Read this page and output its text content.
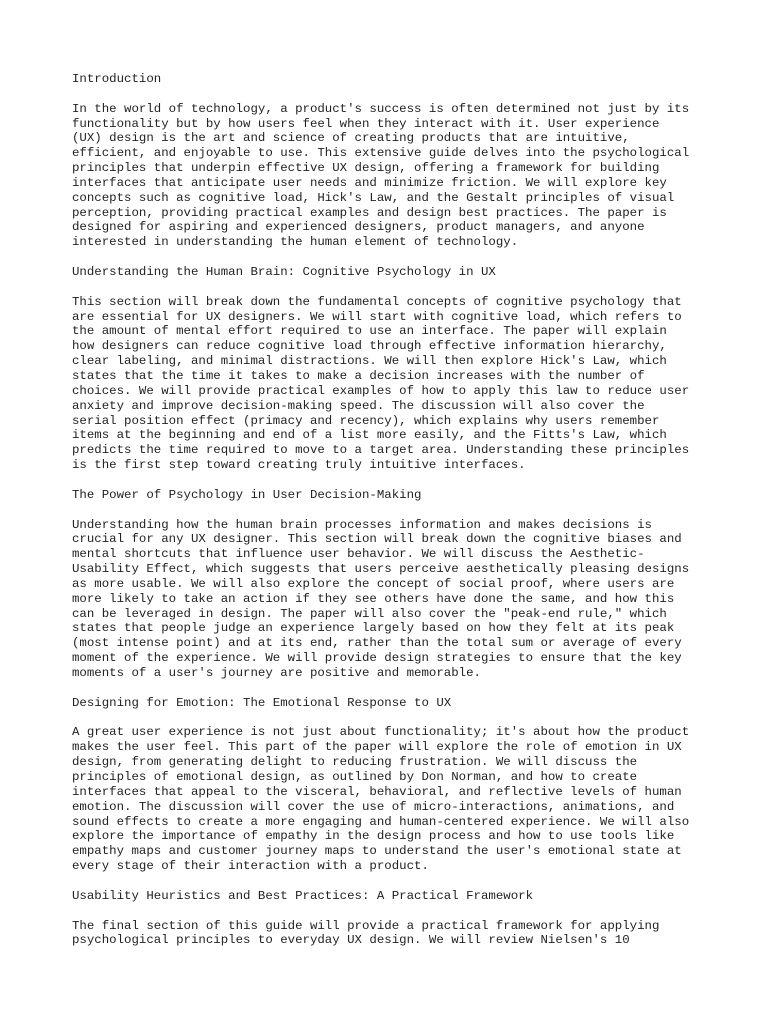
Introduction
In the world of technology, a product's success is often determined not just by its
functionality but by how users feel when they interact with it. User experience
(UX) design is the art and science of creating products that are intuitive,
efficient, and enjoyable to use. This extensive guide delves into the psychological
principles that underpin effective UX design, offering a framework for building
interfaces that anticipate user needs and minimize friction. We will explore key
concepts such as cognitive load, Hick's Law, and the Gestalt principles of visual
perception, providing practical examples and design best practices. The paper is
designed for aspiring and experienced designers, product managers, and anyone
interested in understanding the human element of technology.
Understanding the Human Brain: Cognitive Psychology in UX
This section will break down the fundamental concepts of cognitive psychology that
are essential for UX designers. We will start with cognitive load, which refers to
the amount of mental effort required to use an interface. The paper will explain
how designers can reduce cognitive load through effective information hierarchy,
clear labeling, and minimal distractions. We will then explore Hick's Law, which
states that the time it takes to make a decision increases with the number of
choices. We will provide practical examples of how to apply this law to reduce user
anxiety and improve decision-making speed. The discussion will also cover the
serial position effect (primacy and recency), which explains why users remember
items at the beginning and end of a list more easily, and the Fitts's Law, which
predicts the time required to move to a target area. Understanding these principles
is the first step toward creating truly intuitive interfaces.
The Power of Psychology in User Decision-Making
Understanding how the human brain processes information and makes decisions is
crucial for any UX designer. This section will break down the cognitive biases and
mental shortcuts that influence user behavior. We will discuss the Aesthetic-
Usability Effect, which suggests that users perceive aesthetically pleasing designs
as more usable. We will also explore the concept of social proof, where users are
more likely to take an action if they see others have done the same, and how this
can be leveraged in design. The paper will also cover the "peak-end rule," which
states that people judge an experience largely based on how they felt at its peak
(most intense point) and at its end, rather than the total sum or average of every
moment of the experience. We will provide design strategies to ensure that the key
moments of a user's journey are positive and memorable.
Designing for Emotion: The Emotional Response to UX
A great user experience is not just about functionality; it's about how the product
makes the user feel. This part of the paper will explore the role of emotion in UX
design, from generating delight to reducing frustration. We will discuss the
principles of emotional design, as outlined by Don Norman, and how to create
interfaces that appeal to the visceral, behavioral, and reflective levels of human
emotion. The discussion will cover the use of micro-interactions, animations, and
sound effects to create a more engaging and human-centered experience. We will also
explore the importance of empathy in the design process and how to use tools like
empathy maps and customer journey maps to understand the user's emotional state at
every stage of their interaction with a product.
Usability Heuristics and Best Practices: A Practical Framework
The final section of this guide will provide a practical framework for applying
psychological principles to everyday UX design. We will review Nielsen's 10
